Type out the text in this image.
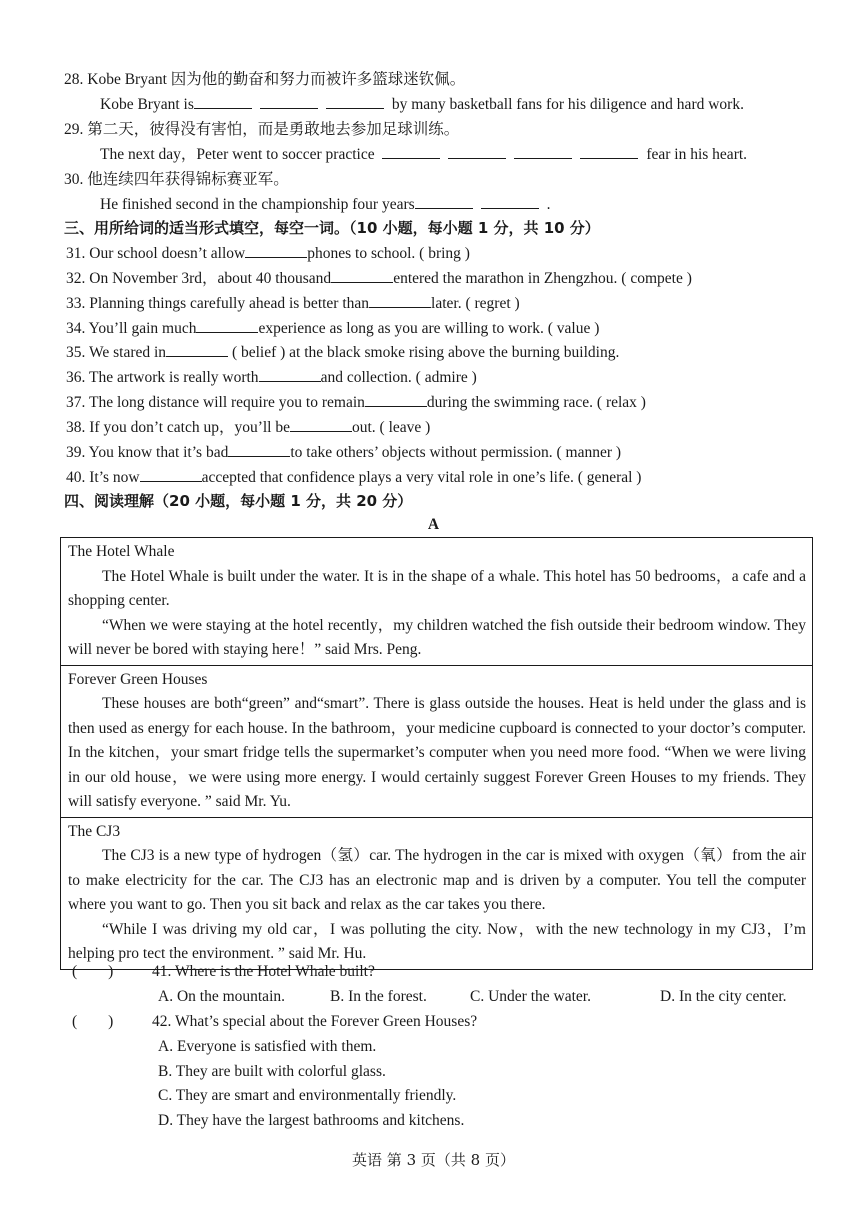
28. Kobe Bryant 因为他的勤奋和努力而被许多篮球迷钦佩。
Kobe Bryant is	by many basketball fans for his diligence and hard work.
29. 第二天，彼得没有害怕，而是勇敢地去参加足球训练。
The next day，Peter went to soccer practice	fear in his heart.
30. 他连续四年获得锦标赛亚军。
He finished second in the championship four years	.
三、用所给词的适当形式填空，每空一词。（10 小题，每小题 1 分，共 10 分）
31. Our school doesn’t allow	phones to school. ( bring )
32. On November 3rd，about 40 thousand	entered the marathon in Zhengzhou. ( compete )
33. Planning things carefully ahead is better than	later. ( regret )
34. You’ll gain much	experience as long as you are willing to work. ( value )
35. We stared in	( belief ) at the black smoke rising above the burning building.
36. The artwork is really worth	and collection. ( admire )
37. The long distance will require you to remain	during the swimming race. ( relax )
38. If you don’t catch up，you’ll be	out. ( leave )
39. You know that it’s bad	to take others’ objects without permission. ( manner )
40. It’s now	accepted that confidence plays a very vital role in one’s life. ( general )
四、阅读理解（20 小题，每小题 1 分，共 20 分）
A
The Hotel Whale

The Hotel Whale is built under the water. It is in the shape of a whale. This hotel has 50 bedrooms，a cafe and a shopping center.

“When we were staying at the hotel recently，my children watched the fish outside their bedroom window. They will never be bored with staying here！” said Mrs. Peng.

Forever Green Houses

These houses are both“green” and“smart”. There is glass outside the houses. Heat is held under the glass and is then used as energy for each house. In the bathroom，your medicine cupboard is connected to your doctor’s computer. In the kitchen，your smart fridge tells the supermarket’s computer when you need more food. “When we were living in our old house，we were using more energy. I would certainly suggest Forever Green Houses to my friends. They will satisfy everyone. ” said Mr. Yu.

The CJ3

The CJ3 is a new type of hydrogen（氢）car. The hydrogen in the car is mixed with oxygen（氧）from the air to make electricity for the car. The CJ3 has an electronic map and is driven by a computer. You tell the computer where you want to go. Then you sit back and relax as the car takes you there.

“While I was driving my old car，I was polluting the city. Now，with the new technology in my CJ3，I’m helping pro tect the environment. ” said Mr. Hu.

(　　) 41. Where is the Hotel Whale built?
A. On the mountain.	B. In the forest.	C. Under the water.	D. In the city center.
(　　) 42. What’s special about the Forever Green Houses?
A. Everyone is satisfied with them.
B. They are built with colorful glass.
C. They are smart and environmentally friendly.
D. They have the largest bathrooms and kitchens.
英语 第 3 页（共 8 页）
